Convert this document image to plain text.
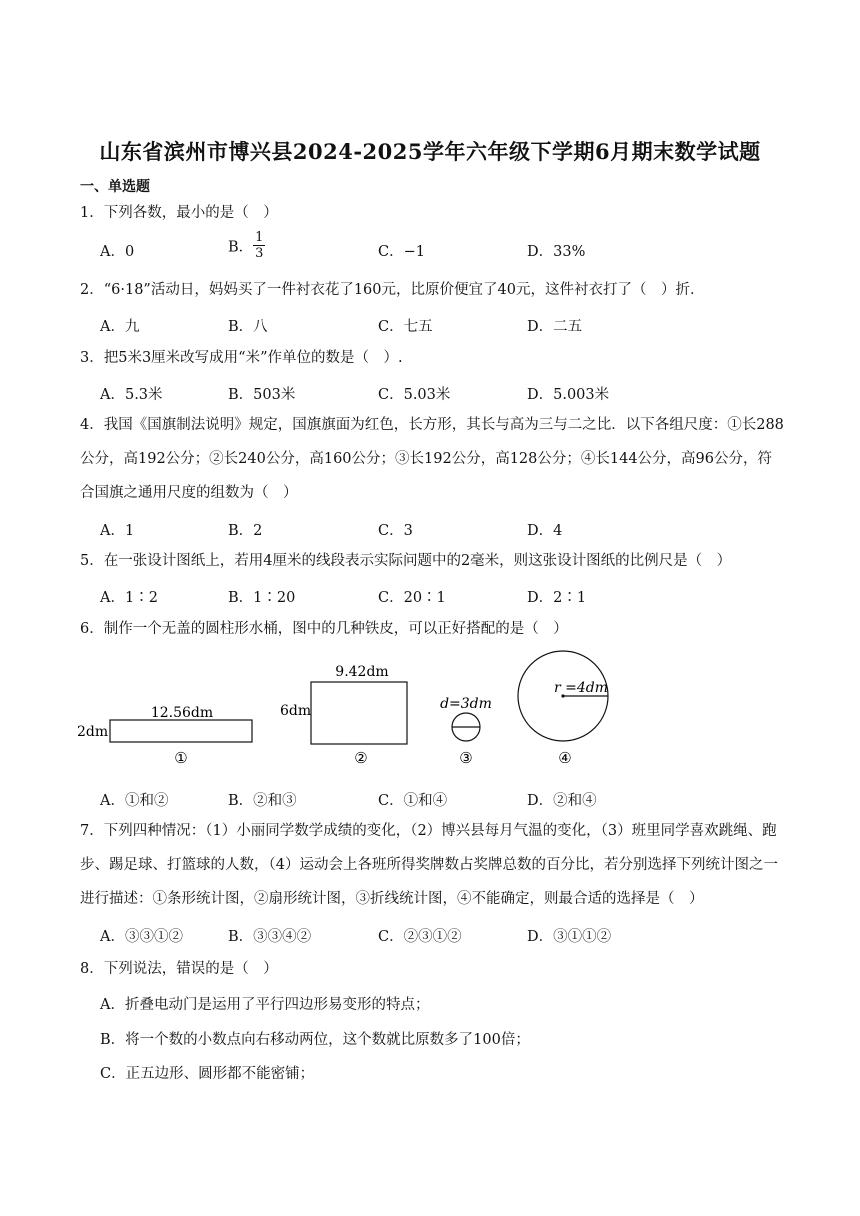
山东省滨州市博兴县2024-2025学年六年级下学期6月期末数学试题
一、单选题
1．下列各数，最小的是（　）
A．0	B． $\frac{1}{3}$	C．−1	D．33%
2．“6·18”活动日，妈妈买了一件衬衣花了160元，比原价便宜了40元，这件衬衣打了（　）折．
A．九	B．八	C．七五	D．二五
3．把5米3厘米改写成用“米”作单位的数是（　）.
A．5.3米	B．503米	C．5.03米	D．5.003米
4．我国《国旗制法说明》规定，国旗旗面为红色，长方形，其长与高为三与二之比．以下各组尺度：①长288公分，高192公分；②长240公分，高160公分；③长192公分，高128公分；④长144公分，高96公分，符合国旗之通用尺度的组数为（　）
A．1	B．2	C．3	D．4
5．在一张设计图纸上，若用4厘米的线段表示实际问题中的2毫米，则这张设计图纸的比例尺是（　）
A．1∶2	B．1∶20	C．20∶1	D．2∶1
6．制作一个无盖的圆柱形水桶，图中的几种铁皮，可以正好搭配的是（　）
12.56dm
2dm
①
9.42dm
6dm
②
d=3dm
③
r =4dm
④
A．①和②	B．②和③	C．①和④	D．②和④
7．下列四种情况：（1）小丽同学数学成绩的变化，（2）博兴县每月气温的变化，（3）班里同学喜欢跳绳、跑步、踢足球、打篮球的人数，（4）运动会上各班所得奖牌数占奖牌总数的百分比，若分别选择下列统计图之一进行描述：①条形统计图，②扇形统计图，③折线统计图，④不能确定，则最合适的选择是（　）
A．③③①②	B．③③④②	C．②③①②	D．③①①②
8．下列说法，错误的是（　）
A．折叠电动门是运用了平行四边形易变形的特点；
B．将一个数的小数点向右移动两位，这个数就比原数多了100倍；
C．正五边形、圆形都不能密铺；
